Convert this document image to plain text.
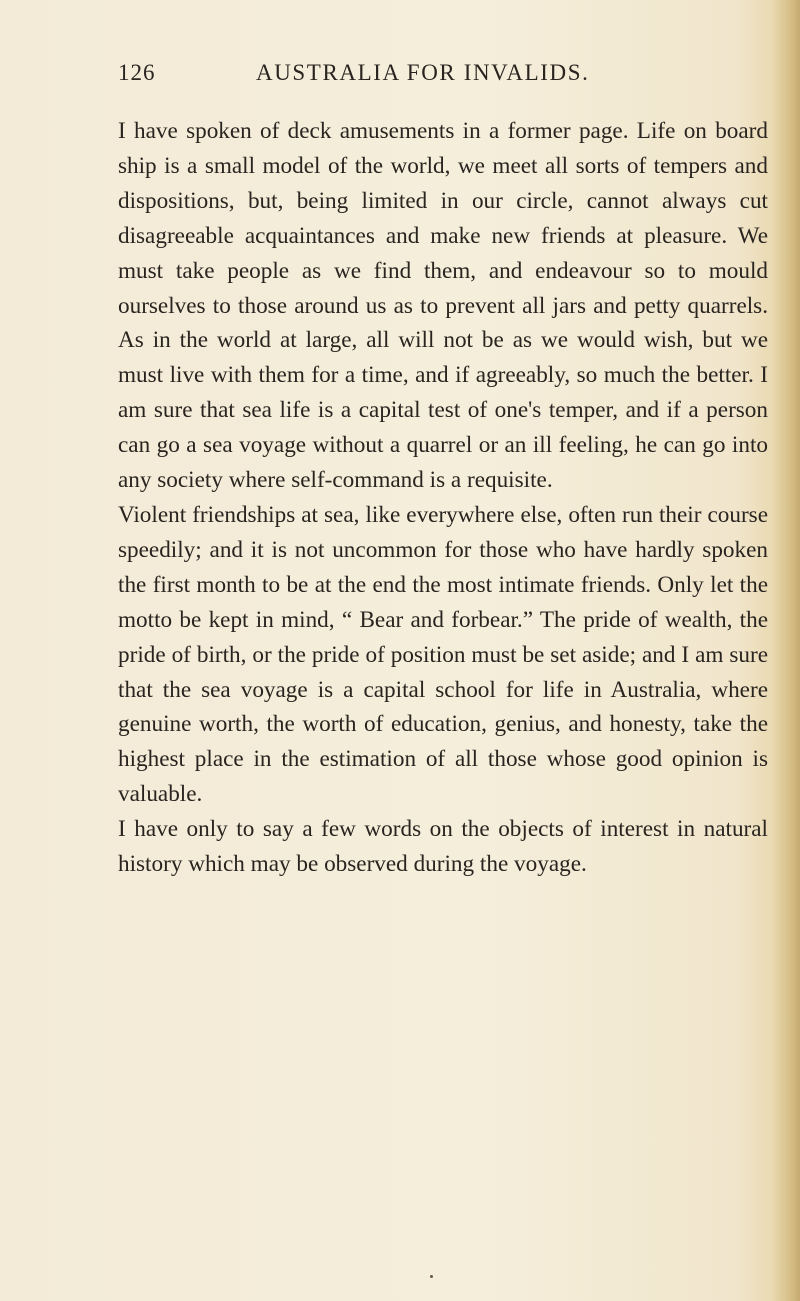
126	AUSTRALIA FOR INVALIDS.

I have spoken of deck amusements in a former page. Life on board ship is a small model of the world, we meet all sorts of tempers and dispositions, but, being limited in our circle, cannot always cut disagreeable acquaintances and make new friends at pleasure. We must take people as we find them, and endeavour so to mould ourselves to those around us as to prevent all jars and petty quarrels. As in the world at large, all will not be as we would wish, but we must live with them for a time, and if agreeably, so much the better. I am sure that sea life is a capital test of one's temper, and if a person can go a sea voyage without a quarrel or an ill feeling, he can go into any society where self-command is a requisite.

Violent friendships at sea, like everywhere else, often run their course speedily; and it is not uncommon for those who have hardly spoken the first month to be at the end the most intimate friends. Only let the motto be kept in mind, “ Bear and forbear.” The pride of wealth, the pride of birth, or the pride of position must be set aside; and I am sure that the sea voyage is a capital school for life in Australia, where genuine worth, the worth of education, genius, and honesty, take the highest place in the estimation of all those whose good opinion is valuable.

I have only to say a few words on the objects of interest in natural history which may be observed during the voyage.
